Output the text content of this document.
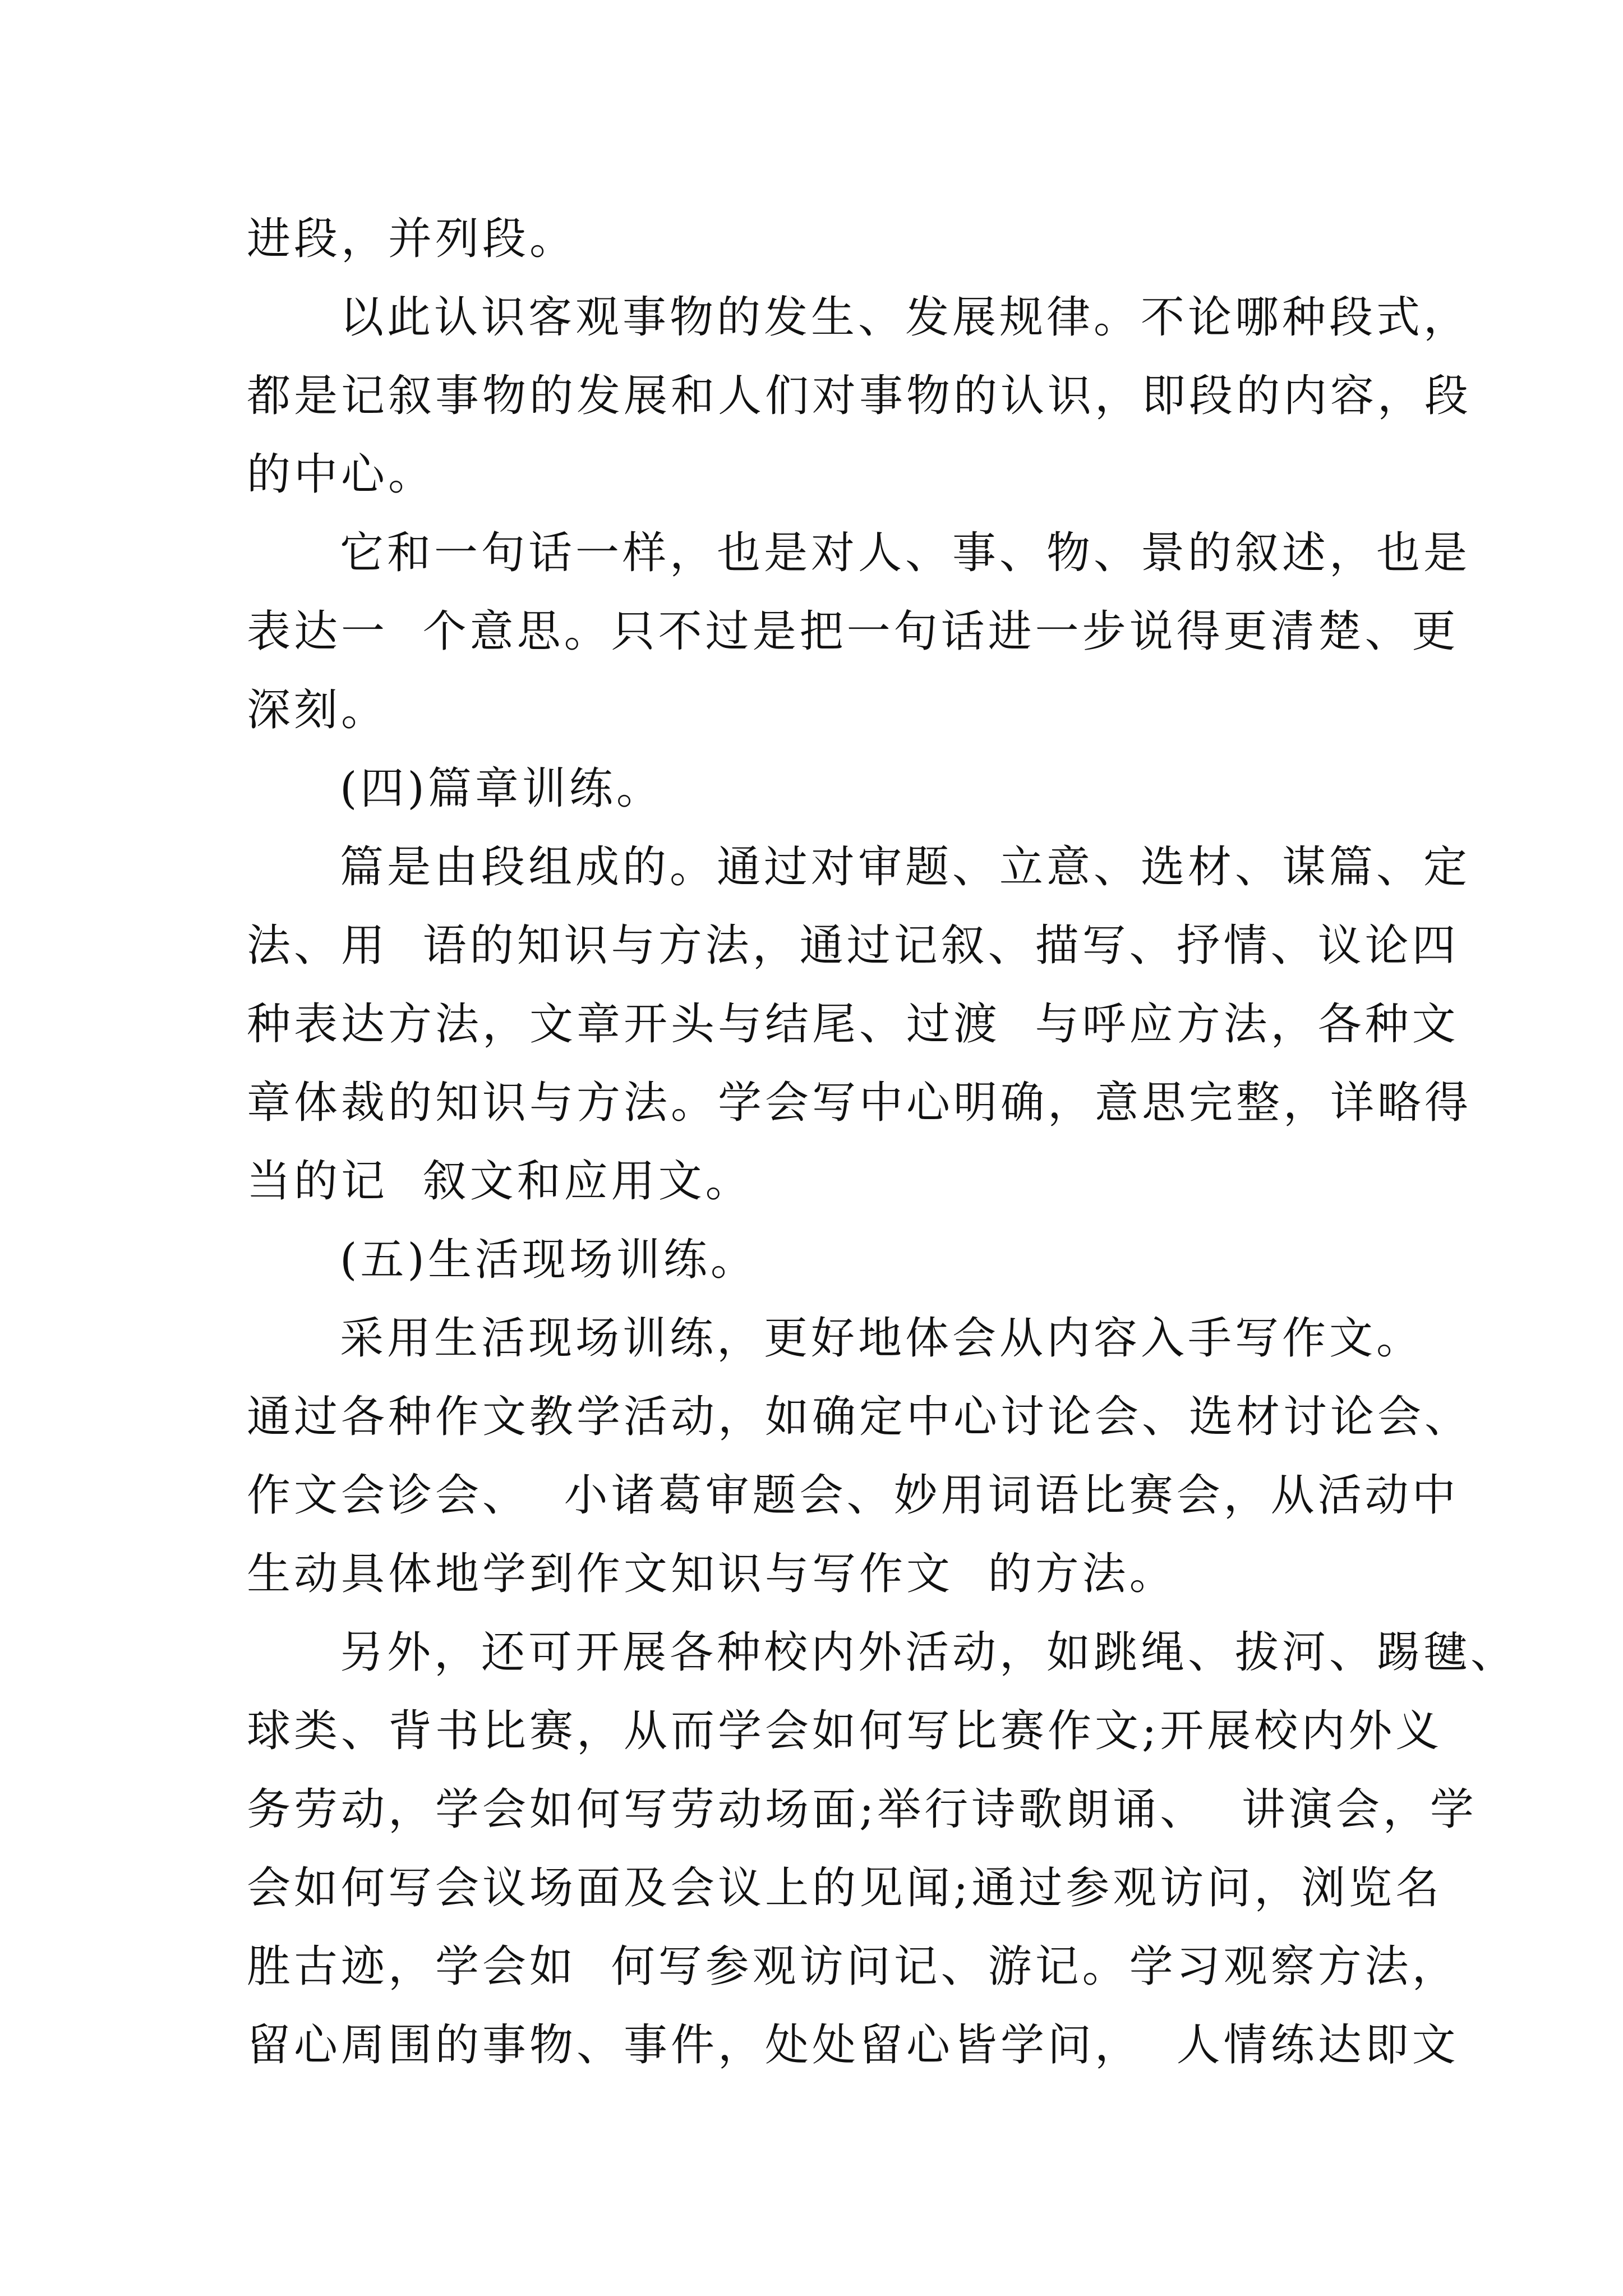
进段，并列段。
以此认识客观事物的发生、发展规律。不论哪种段式，
都是记叙事物的发展和人们对事物的认识，即段的内容，段
的中心。
它和一句话一样，也是对人、事、物、景的叙述，也是
表达一  个意思。只不过是把一句话进一步说得更清楚、更
深刻。
(四)篇章训练。
篇是由段组成的。通过对审题、立意、选材、谋篇、定
法、用  语的知识与方法，通过记叙、描写、抒情、议论四
种表达方法，文章开头与结尾、过渡  与呼应方法，各种文
章体裁的知识与方法。学会写中心明确，意思完整，详略得
当的记  叙文和应用文。
(五)生活现场训练。
采用生活现场训练，更好地体会从内容入手写作文。
通过各种作文教学活动，如确定中心讨论会、选材讨论会、
作文会诊会、  小诸葛审题会、妙用词语比赛会，从活动中
生动具体地学到作文知识与写作文  的方法。
另外，还可开展各种校内外活动，如跳绳、拔河、踢毽、
球类、背书比赛，从而学会如何写比赛作文;开展校内外义
务劳动，学会如何写劳动场面;举行诗歌朗诵、  讲演会，学
会如何写会议场面及会议上的见闻;通过参观访问，浏览名
胜古迹，学会如  何写参观访问记、游记。学习观察方法，
留心周围的事物、事件，处处留心皆学问，  人情练达即文
